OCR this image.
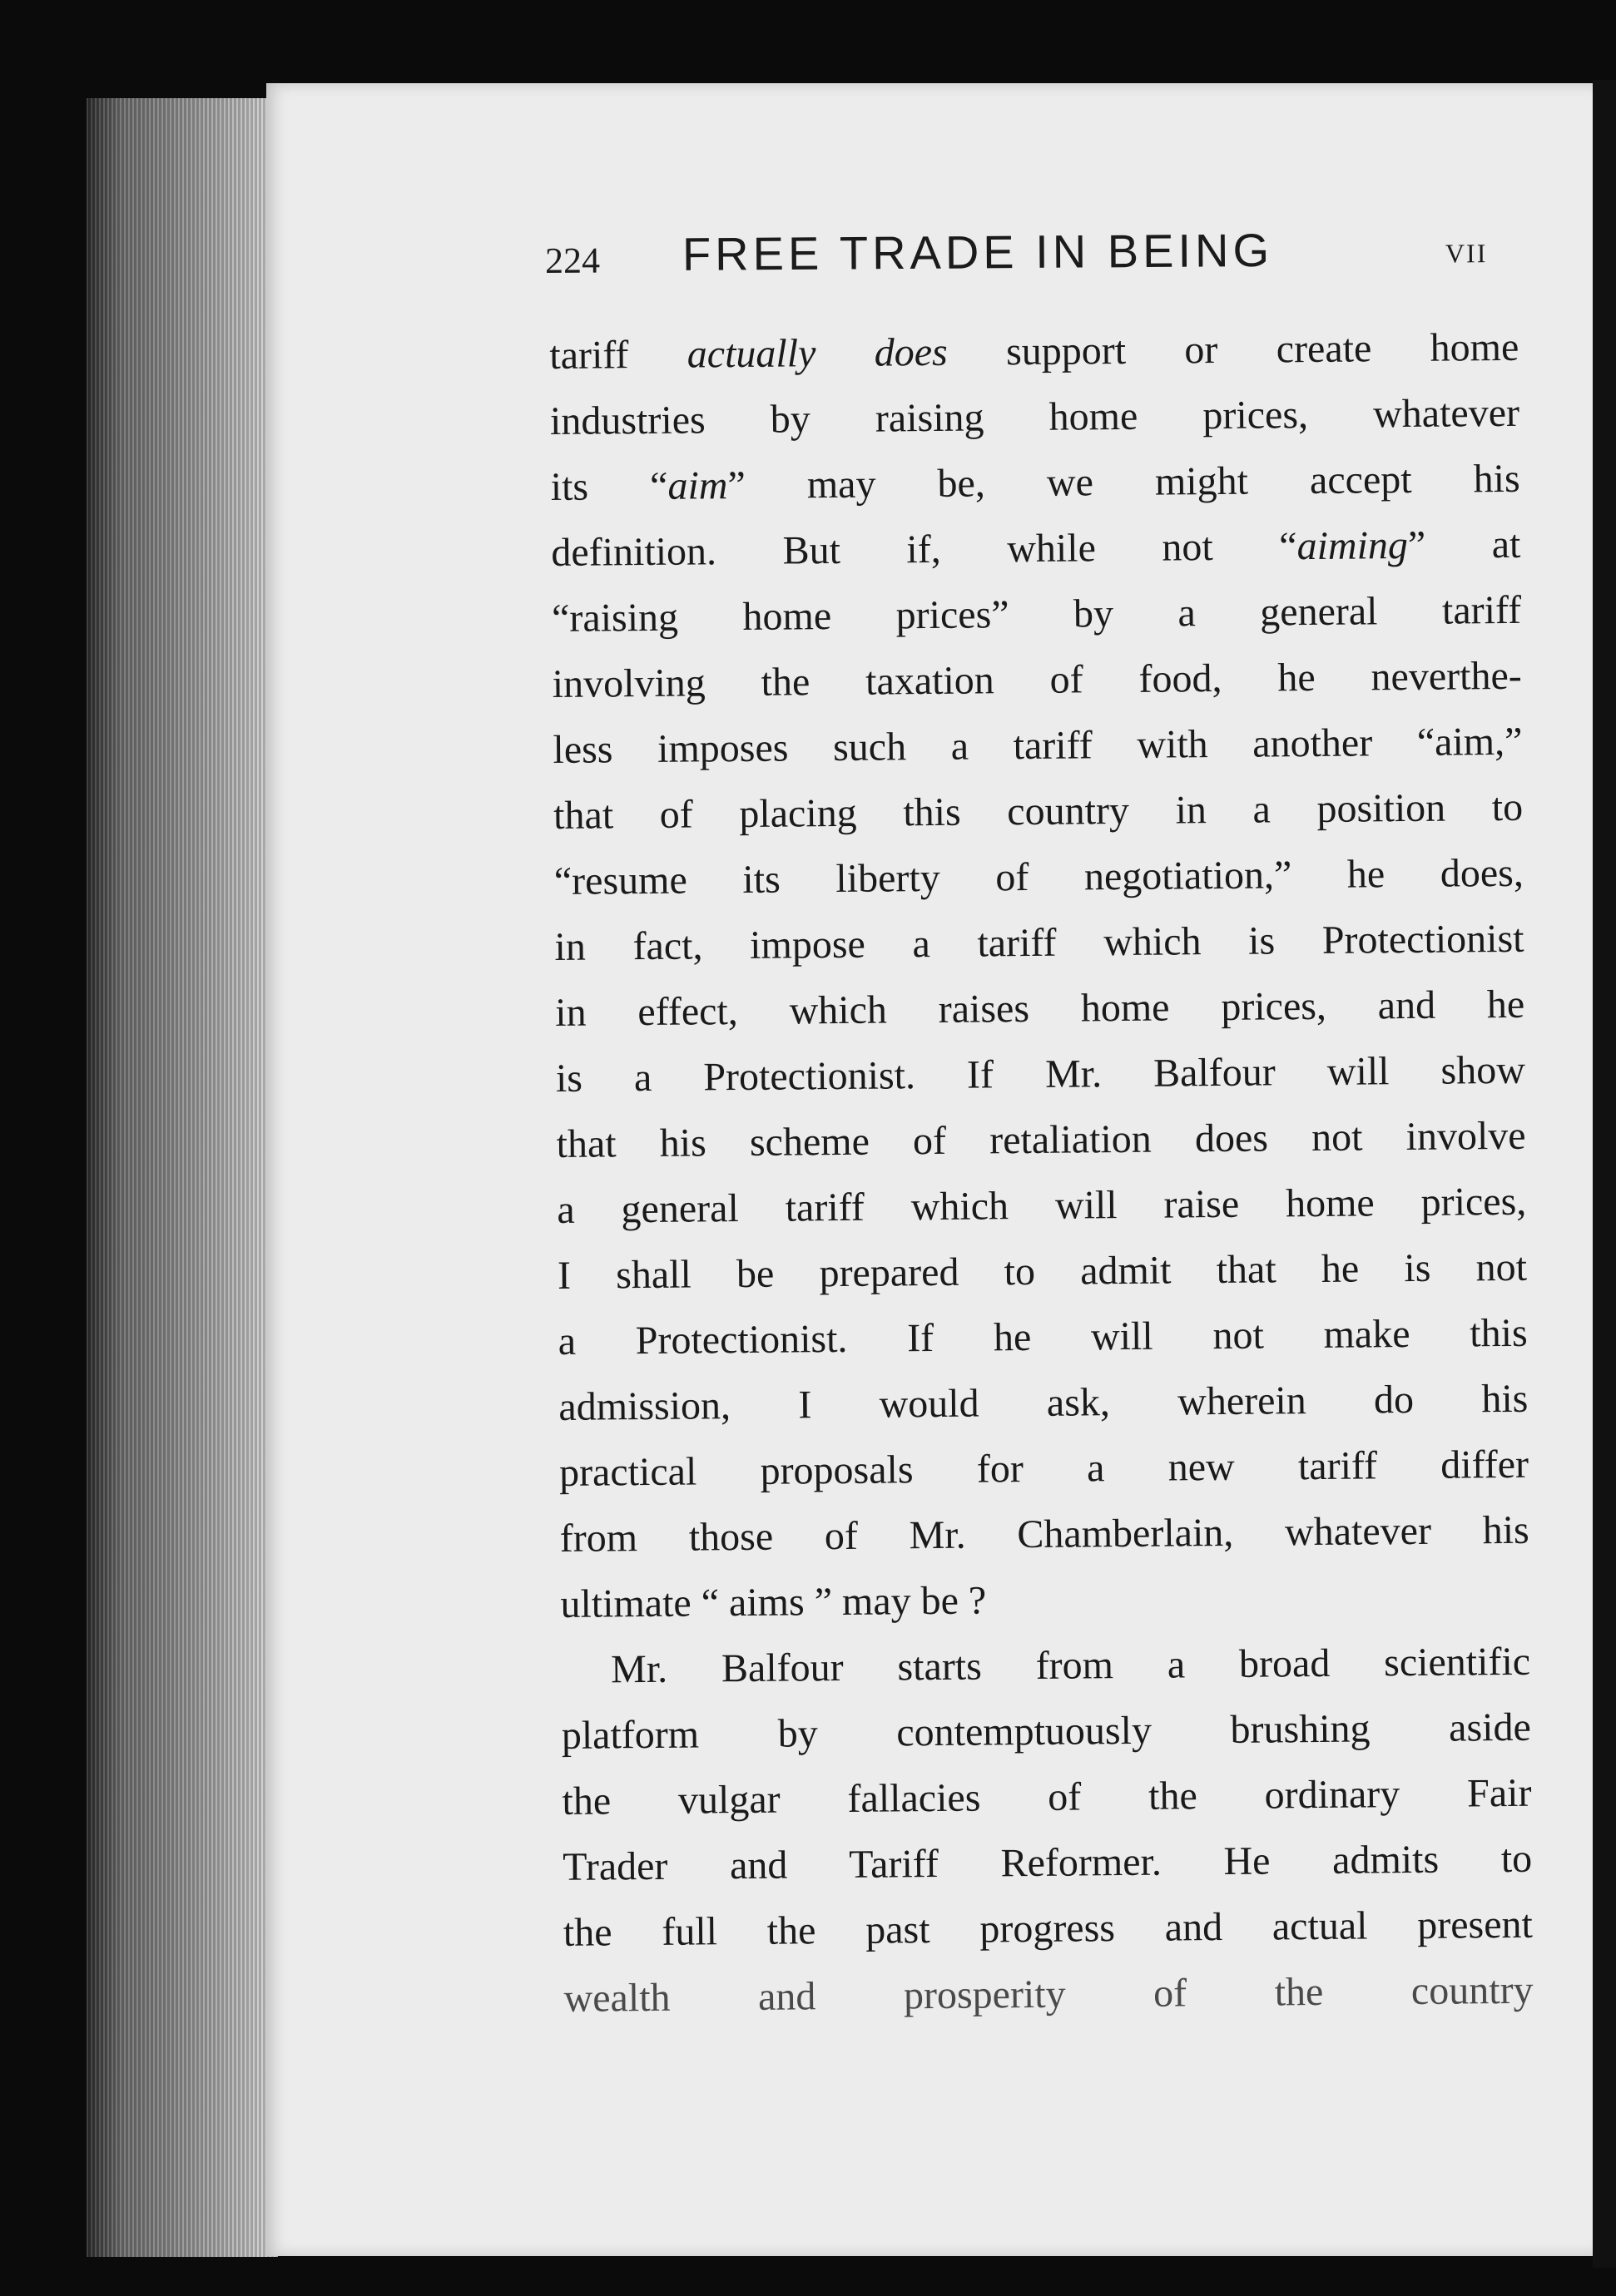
224 FREE TRADE IN BEING	VII
tariff actually does support or create home
industries by raising home prices, whatever
its “aim” may be, we might accept his
definition. But if, while not “aiming” at
“raising home prices” by a general tariff
involving the taxation of food, he neverthe-
less imposes such a tariff with another “aim,”
that of placing this country in a position to
“resume its liberty of negotiation,” he does,
in fact, impose a tariff which is Protectionist
in effect, which raises home prices, and he
is a Protectionist. If Mr. Balfour will show
that his scheme of retaliation does not involve
a general tariff which will raise home prices,
I shall be prepared to admit that he is not
a Protectionist. If he will not make this
admission, I would ask, wherein do his
practical proposals for a new tariff differ
from those of Mr. Chamberlain, whatever his
ultimate “ aims ” may be ?
Mr. Balfour starts from a broad scientific
platform by contemptuously brushing aside
the vulgar fallacies of the ordinary Fair
Trader and Tariff Reformer. He admits to
the full the past progress and actual present
wealth and prosperity of the country
